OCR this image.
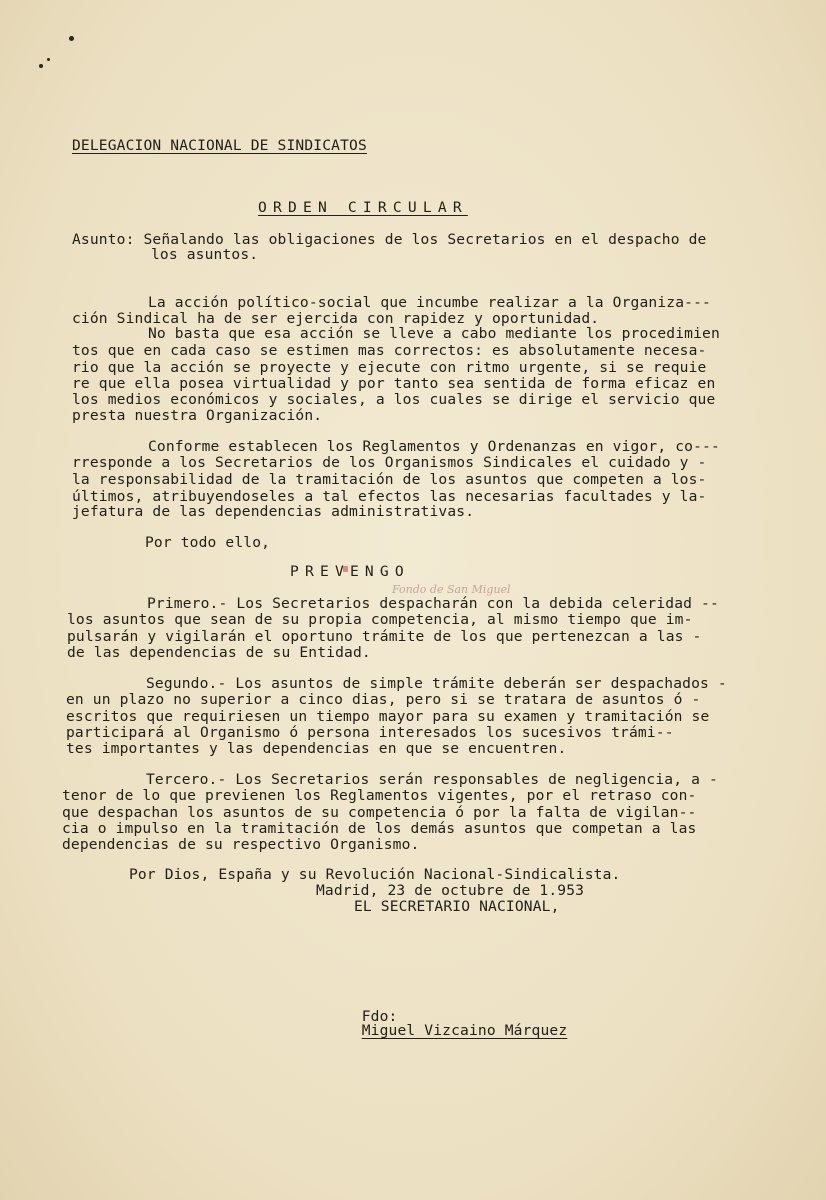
DELEGACION NACIONAL DE SINDICATOS
ORDEN CIRCULAR
Asunto: Señalando las obligaciones de los Secretarios en el despacho de
los asuntos.
La acción político-social que incumbe realizar a la Organiza---
ción Sindical ha de ser ejercida con rapidez y oportunidad.
No basta que esa acción se lleve a cabo mediante los procedimien
tos que en cada caso se estimen mas correctos: es absolutamente necesa-
rio que la acción se proyecte y ejecute con ritmo urgente, si se requie
re que ella posea virtualidad y por tanto sea sentida de forma eficaz en
los medios económicos y sociales, a los cuales se dirige el servicio que
presta nuestra Organización.
Conforme establecen los Reglamentos y Ordenanzas en vigor, co---
rresponde a los Secretarios de los Organismos Sindicales el cuidado y -
la responsabilidad de la tramitación de los asuntos que competen a los-
últimos, atribuyendoseles a tal efectos las necesarias facultades y la-
jefatura de las dependencias administrativas.
Por todo ello,
PREVENGO
Fondo de San Miguel
Primero.- Los Secretarios despacharán con la debida celeridad --
los asuntos que sean de su propia competencia, al mismo tiempo que im-
pulsarán y vigilarán el oportuno trámite de los que pertenezcan a las -
de las dependencias de su Entidad.
Segundo.- Los asuntos de simple trámite deberán ser despachados -
en un plazo no superior a cinco dias, pero si se tratara de asuntos ó -
escritos que requiriesen un tiempo mayor para su examen y tramitación se
participará al Organismo ó persona interesados los sucesivos trámi--
tes importantes y las dependencias en que se encuentren.
Tercero.- Los Secretarios serán responsables de negligencia, a -
tenor de lo que previenen los Reglamentos vigentes, por el retraso con-
que despachan los asuntos de su competencia ó por la falta de vigilan--
cia o impulso en la tramitación de los demás asuntos que competan a las
dependencias de su respectivo Organismo.
Por Dios, España y su Revolución Nacional-Sindicalista.
Madrid, 23 de octubre de 1.953
EL SECRETARIO NACIONAL,

Fdo:
Miguel Vizcaino Márquez
